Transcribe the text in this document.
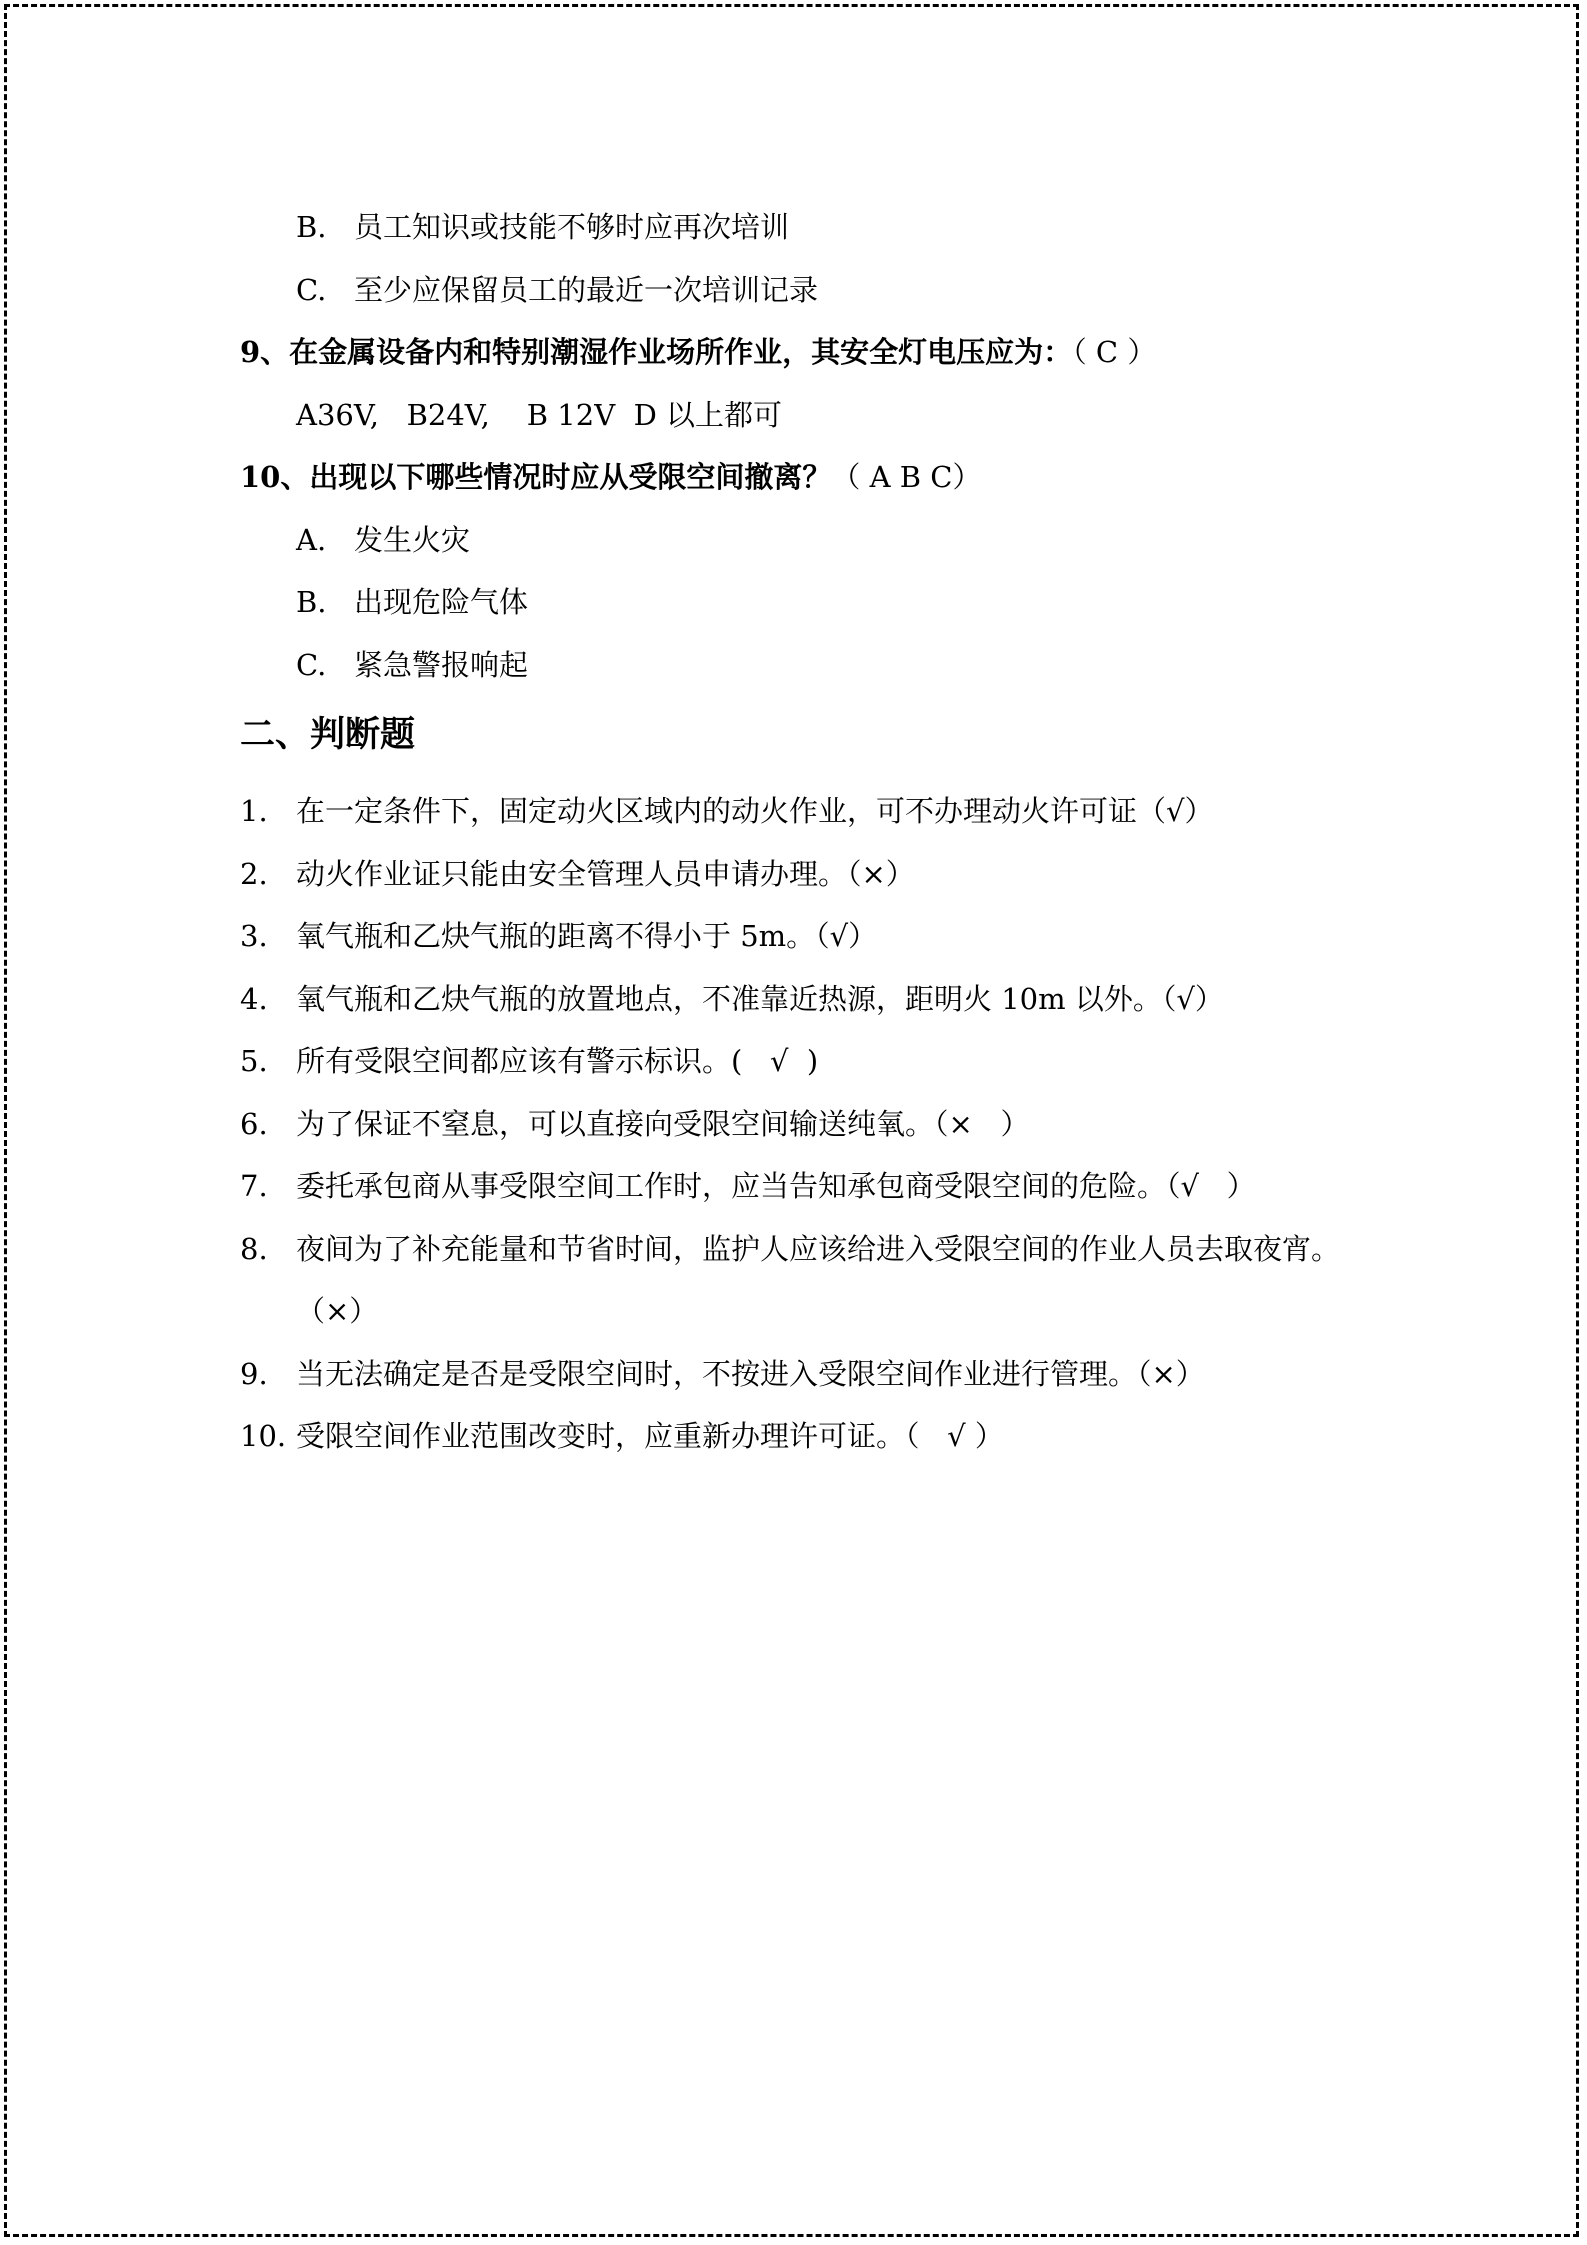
B. 员工知识或技能不够时应再次培训
C. 至少应保留员工的最近一次培训记录
9、在金属设备内和特别潮湿作业场所作业，其安全灯电压应为：（ C ）
A36V,   B24V,    B 12V  D 以上都可
10、出现以下哪些情况时应从受限空间撤离？（ A B C）
A. 发生火灾
B. 出现危险气体
C. 紧急警报响起
二、判断题
1. 在一定条件下，固定动火区域内的动火作业，可不办理动火许可证（√）
2. 动火作业证只能由安全管理人员申请办理。（×）
3. 氧气瓶和乙炔气瓶的距离不得小于 5m。（√）
4. 氧气瓶和乙炔气瓶的放置地点，不准靠近热源，距明火 10m 以外。（√）
5. 所有受限空间都应该有警示标识。(   √  )
6. 为了保证不窒息，可以直接向受限空间输送纯氧。（×   ）
7. 委托承包商从事受限空间工作时，应当告知承包商受限空间的危险。（√   ）
8. 夜间为了补充能量和节省时间，监护人应该给进入受限空间的作业人员去取夜宵。（×）
9. 当无法确定是否是受限空间时，不按进入受限空间作业进行管理。（×）
10. 受限空间作业范围改变时，应重新办理许可证。（   √ ）
